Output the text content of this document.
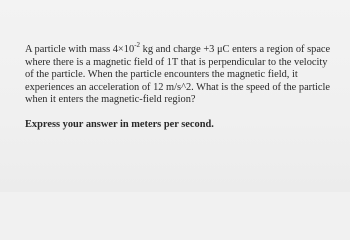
A particle with mass $4\times 10^{-2}$ kg and charge +3 μC enters a region of space where there is a magnetic field of 1T that is perpendicular to the velocity of the particle. When the particle encounters the magnetic field, it experiences an acceleration of 12 m/s^2. What is the speed of the particle when it enters the magnetic-field region?

Express your answer in meters per second.
